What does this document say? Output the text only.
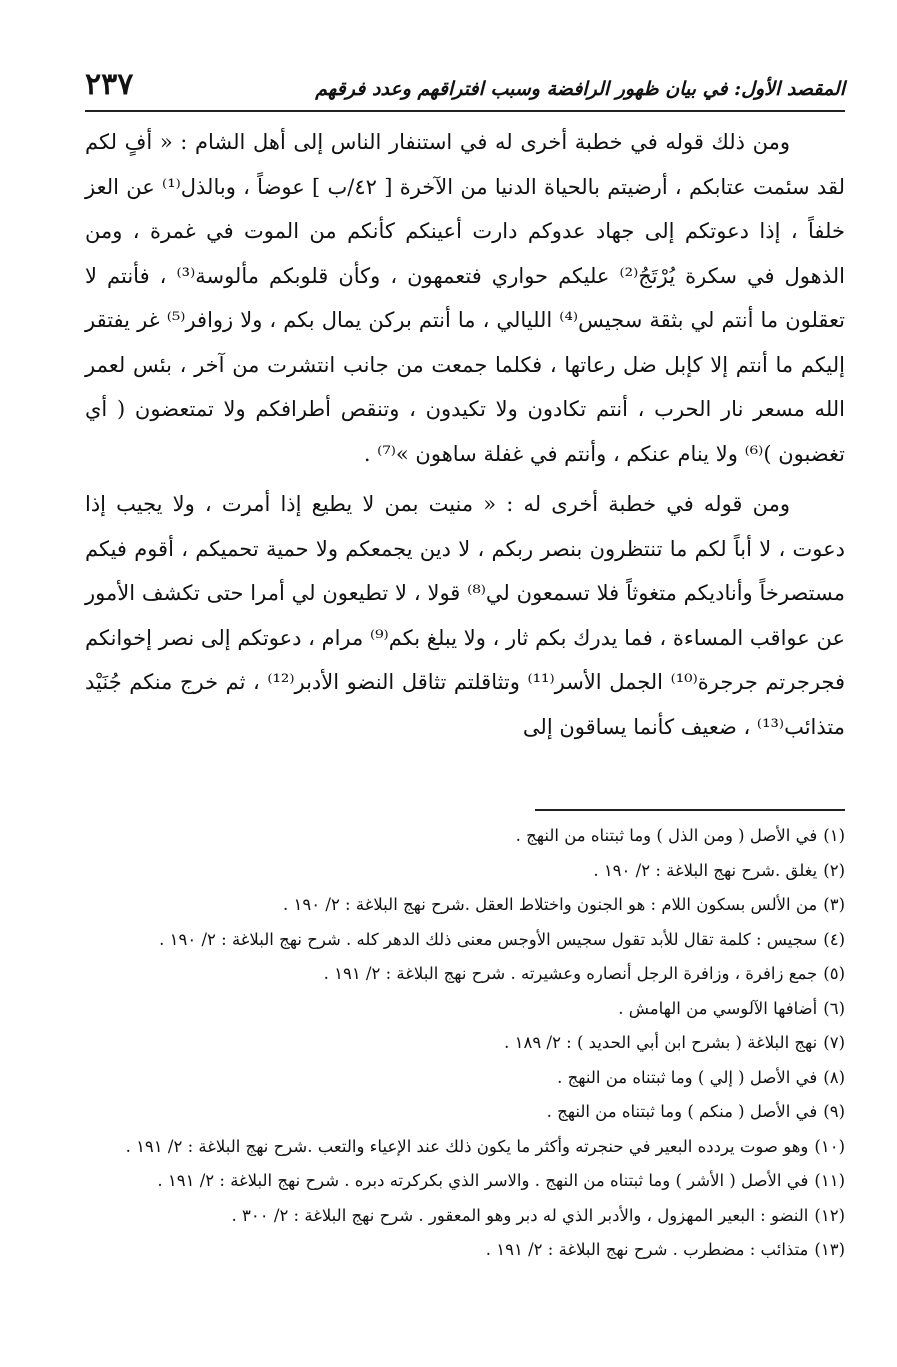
المقصد الأول: في بيان ظهور الرافضة وسبب افتراقهم وعدد فرقهم
٢٣٧

ومن ذلك قوله في خطبة أخرى له في استنفار الناس إلى أهل الشام : « أفٍ لكم لقد سئمت عتابكم ، أرضيتم بالحياة الدنيا من الآخرة [ ٤٢/ب ] عوضاً ، وبالذل⁽¹⁾ عن العز خلفاً ، إذا دعوتكم إلى جهاد عدوكم دارت أعينكم كأنكم من الموت في غمرة ، ومن الذهول في سكرة يُرْتَجُ⁽²⁾ عليكم حواري فتعمهون ، وكأن قلوبكم مألوسة⁽³⁾ ، فأنتم لا تعقلون ما أنتم لي بثقة سجيس⁽⁴⁾ الليالي ، ما أنتم بركن يمال بكم ، ولا زوافر⁽⁵⁾ غر يفتقر إليكم ما أنتم إلا كإبل ضل رعاتها ، فكلما جمعت من جانب انتشرت من آخر ، بئس لعمر الله مسعر نار الحرب ، أنتم تكادون ولا تكيدون ، وتنقص أطرافكم ولا تمتعضون ( أي تغضبون )⁽⁶⁾ ولا ينام عنكم ، وأنتم في غفلة ساهون »⁽⁷⁾ .

ومن قوله في خطبة أخرى له : « منيت بمن لا يطيع إذا أمرت ، ولا يجيب إذا دعوت ، لا أباً لكم ما تنتظرون بنصر ربكم ، لا دين يجمعكم ولا حمية تحميكم ، أقوم فيكم مستصرخاً وأناديكم متغوثاً فلا تسمعون لي⁽⁸⁾ قولا ، لا تطيعون لي أمرا حتى تكشف الأمور عن عواقب المساءة ، فما يدرك بكم ثار ، ولا يبلغ بكم⁽⁹⁾ مرام ، دعوتكم إلى نصر إخوانكم فجرجرتم جرجرة⁽¹⁰⁾ الجمل الأسر⁽¹¹⁾ وتثاقلتم تثاقل النضو الأدبر⁽¹²⁾ ، ثم خرج منكم جُنَيْد متذائب⁽¹³⁾ ، ضعيف كأنما يساقون إلى

(١)
في الأصل ( ومن الذل ) وما ثبتناه من النهج .
(٢)
يغلق .شرح نهج البلاغة : ٢/ ١٩٠ .
(٣)
من الألس بسكون اللام : هو الجنون واختلاط العقل .شرح نهج البلاغة : ٢/ ١٩٠ .
(٤)
سجيس : كلمة تقال للأبد تقول سجيس الأوجس معنى ذلك الدهر كله . شرح نهج البلاغة : ٢/ ١٩٠ .
(٥)
جمع زافرة ، وزافرة الرجل أنصاره وعشيرته . شرح نهج البلاغة : ٢/ ١٩١ .
(٦)
أضافها الآلوسي من الهامش .
(٧)
نهج البلاغة ( بشرح ابن أبي الحديد ) : ٢/ ١٨٩ .
(٨)
في الأصل ( إلي ) وما ثبتناه من النهج .
(٩)
في الأصل ( منكم ) وما ثبتناه من النهج .
(١٠)
وهو صوت يردده البعير في حنجرته وأكثر ما يكون ذلك عند الإعياء والتعب .شرح نهج البلاغة : ٢/ ١٩١ .
(١١)
في الأصل ( الأشر ) وما ثبتناه من النهج . والاسر الذي بكركرته دبره . شرح نهج البلاغة : ٢/ ١٩١ .
(١٢)
النضو : البعير المهزول ، والأدبر الذي له دبر وهو المعقور . شرح نهج البلاغة : ٢/ ٣٠٠ .
(١٣)
متذائب : مضطرب . شرح نهج البلاغة : ٢/ ١٩١ .
